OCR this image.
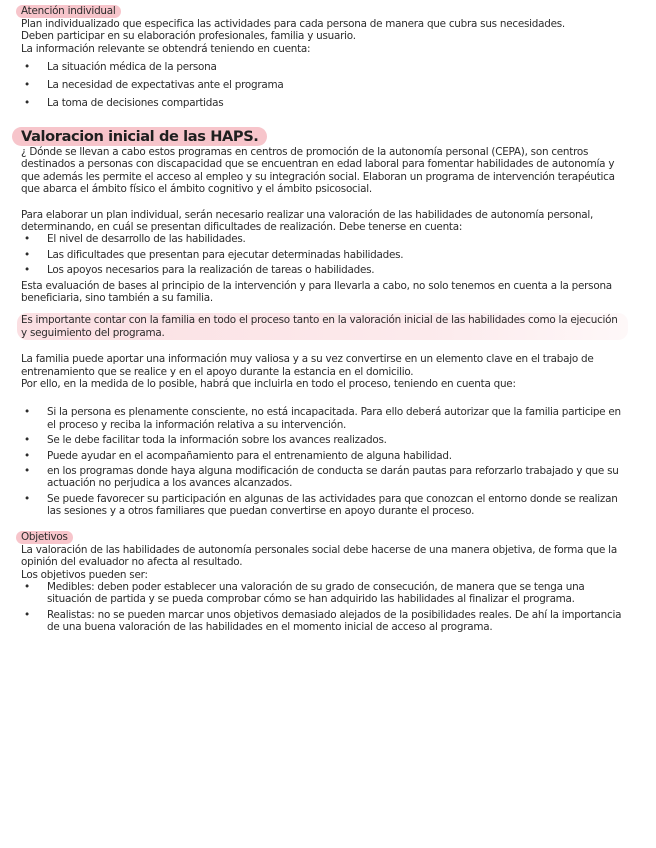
Atención individual

Plan individualizado que especifica las actividades para cada persona de manera que cubra sus necesidades.

Deben participar en su elaboración profesionales, familia y usuario.

La información relevante se obtendrá teniendo en cuenta:

• La situación médica de la persona
• La necesidad de expectativas ante el programa
• La toma de decisiones compartidas
Valoracion inicial de las HAPS.

¿ Dónde se llevan a cabo estos programas en centros de promoción de la autonomía personal (CEPA), son centros destinados a personas con discapacidad que se encuentran en edad laboral para fomentar habilidades de autonomía y que además les permite el acceso al empleo y su integración social. Elaboran un programa de intervención terapéutica que abarca el ámbito físico el ámbito cognitivo y el ámbito psicosocial.

Para elaborar un plan individual, serán necesario realizar una valoración de las habilidades de autonomía personal, determinando, en cuál se presentan dificultades de realización. Debe tenerse en cuenta:

• El nivel de desarrollo de las habilidades.
• Las dificultades que presentan para ejecutar determinadas habilidades.
• Los apoyos necesarios para la realización de tareas o habilidades.

Esta evaluación de bases al principio de la intervención y para llevarla a cabo, no solo tenemos en cuenta a la persona beneficiaria, sino también a su familia.

Es importante contar con la familia en todo el proceso tanto en la valoración inicial de las habilidades como la ejecución y seguimiento del programa.

La familia puede aportar una información muy valiosa y a su vez convertirse en un elemento clave en el trabajo de entrenamiento que se realice y en el apoyo durante la estancia en el domicilio.

Por ello, en la medida de lo posible, habrá que incluirla en todo el proceso, teniendo en cuenta que:

• Si la persona es plenamente consciente, no está incapacitada. Para ello deberá autorizar que la familia participe en el proceso y reciba la información relativa a su intervención.
• Se le debe facilitar toda la información sobre los avances realizados.
• Puede ayudar en el acompañamiento para el entrenamiento de alguna habilidad.
• en los programas donde haya alguna modificación de conducta se darán pautas para reforzarlo trabajado y que su actuación no perjudica a los avances alcanzados.
• Se puede favorecer su participación en algunas de las actividades para que conozcan el entorno donde se realizan las sesiones y a otros familiares que puedan convertirse en apoyo durante el proceso.
Objetivos

La valoración de las habilidades de autonomía personales social debe hacerse de una manera objetiva, de forma que la opinión del evaluador no afecta al resultado.

Los objetivos pueden ser:

• Medibles: deben poder establecer una valoración de su grado de consecución, de manera que se tenga una situación de partida y se pueda comprobar cómo se han adquirido las habilidades al finalizar el programa.
• Realistas: no se pueden marcar unos objetivos demasiado alejados de la posibilidades reales. De ahí la importancia de una buena valoración de las habilidades en el momento inicial de acceso al programa.
